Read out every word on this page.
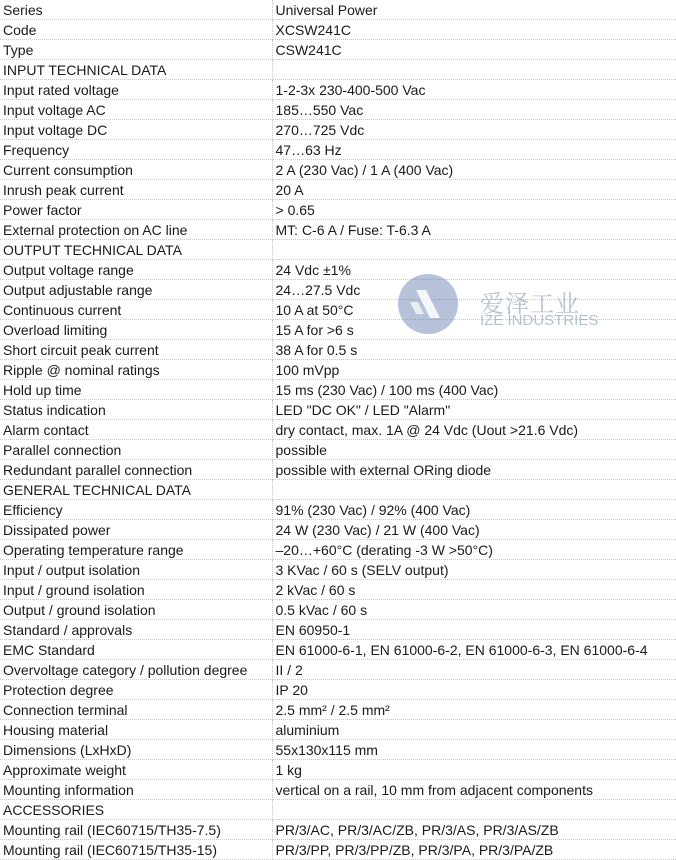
Series	Universal Power
Code	XCSW241C
Type	CSW241C
INPUT TECHNICAL DATA	
Input rated voltage	1-2-3x 230-400-500 Vac
Input voltage AC	185…550 Vac
Input voltage DC	270…725 Vdc
Frequency	47…63 Hz
Current consumption	2 A (230 Vac) / 1 A (400 Vac)
Inrush peak current	20 A
Power factor	> 0.65
External protection on AC line	MT: C-6 A / Fuse: T-6.3 A
OUTPUT TECHNICAL DATA	
Output voltage range	24 Vdc ±1%
Output adjustable range	24…27.5 Vdc
Continuous current	10 A at 50°C
Overload limiting	15 A for >6 s
Short circuit peak current	38 A for 0.5 s
Ripple @ nominal ratings	100 mVpp
Hold up time	15 ms (230 Vac) / 100 ms (400 Vac)
Status indication	LED "DC OK" / LED "Alarm"
Alarm contact	dry contact, max. 1A @ 24 Vdc (Uout >21.6 Vdc)
Parallel connection	possible
Redundant parallel connection	possible with external ORing diode
GENERAL TECHNICAL DATA	
Efficiency	91% (230 Vac) / 92% (400 Vac)
Dissipated power	24 W (230 Vac) / 21 W (400 Vac)
Operating temperature range	–20…+60°C (derating -3 W >50°C)
Input / output isolation	3 KVac / 60 s (SELV output)
Input / ground isolation	2 kVac / 60 s
Output / ground isolation	0.5 kVac / 60 s
Standard / approvals	EN 60950-1
EMC Standard	EN 61000-6-1, EN 61000-6-2, EN 61000-6-3, EN 61000-6-4
Overvoltage category / pollution degree	II / 2
Protection degree	IP 20
Connection terminal	2.5 mm² / 2.5 mm²
Housing material	aluminium
Dimensions (LxHxD)	55x130x115 mm
Approximate weight	1 kg
Mounting information	vertical on a rail, 10 mm from adjacent components
ACCESSORIES	
Mounting rail (IEC60715/TH35-7.5)	PR/3/AC, PR/3/AC/ZB, PR/3/AS, PR/3/AS/ZB
Mounting rail (IEC60715/TH35-15)	PR/3/PP, PR/3/PP/ZB, PR/3/PA, PR/3/PA/ZB
爱泽工业
IZE INDUSTRIES
